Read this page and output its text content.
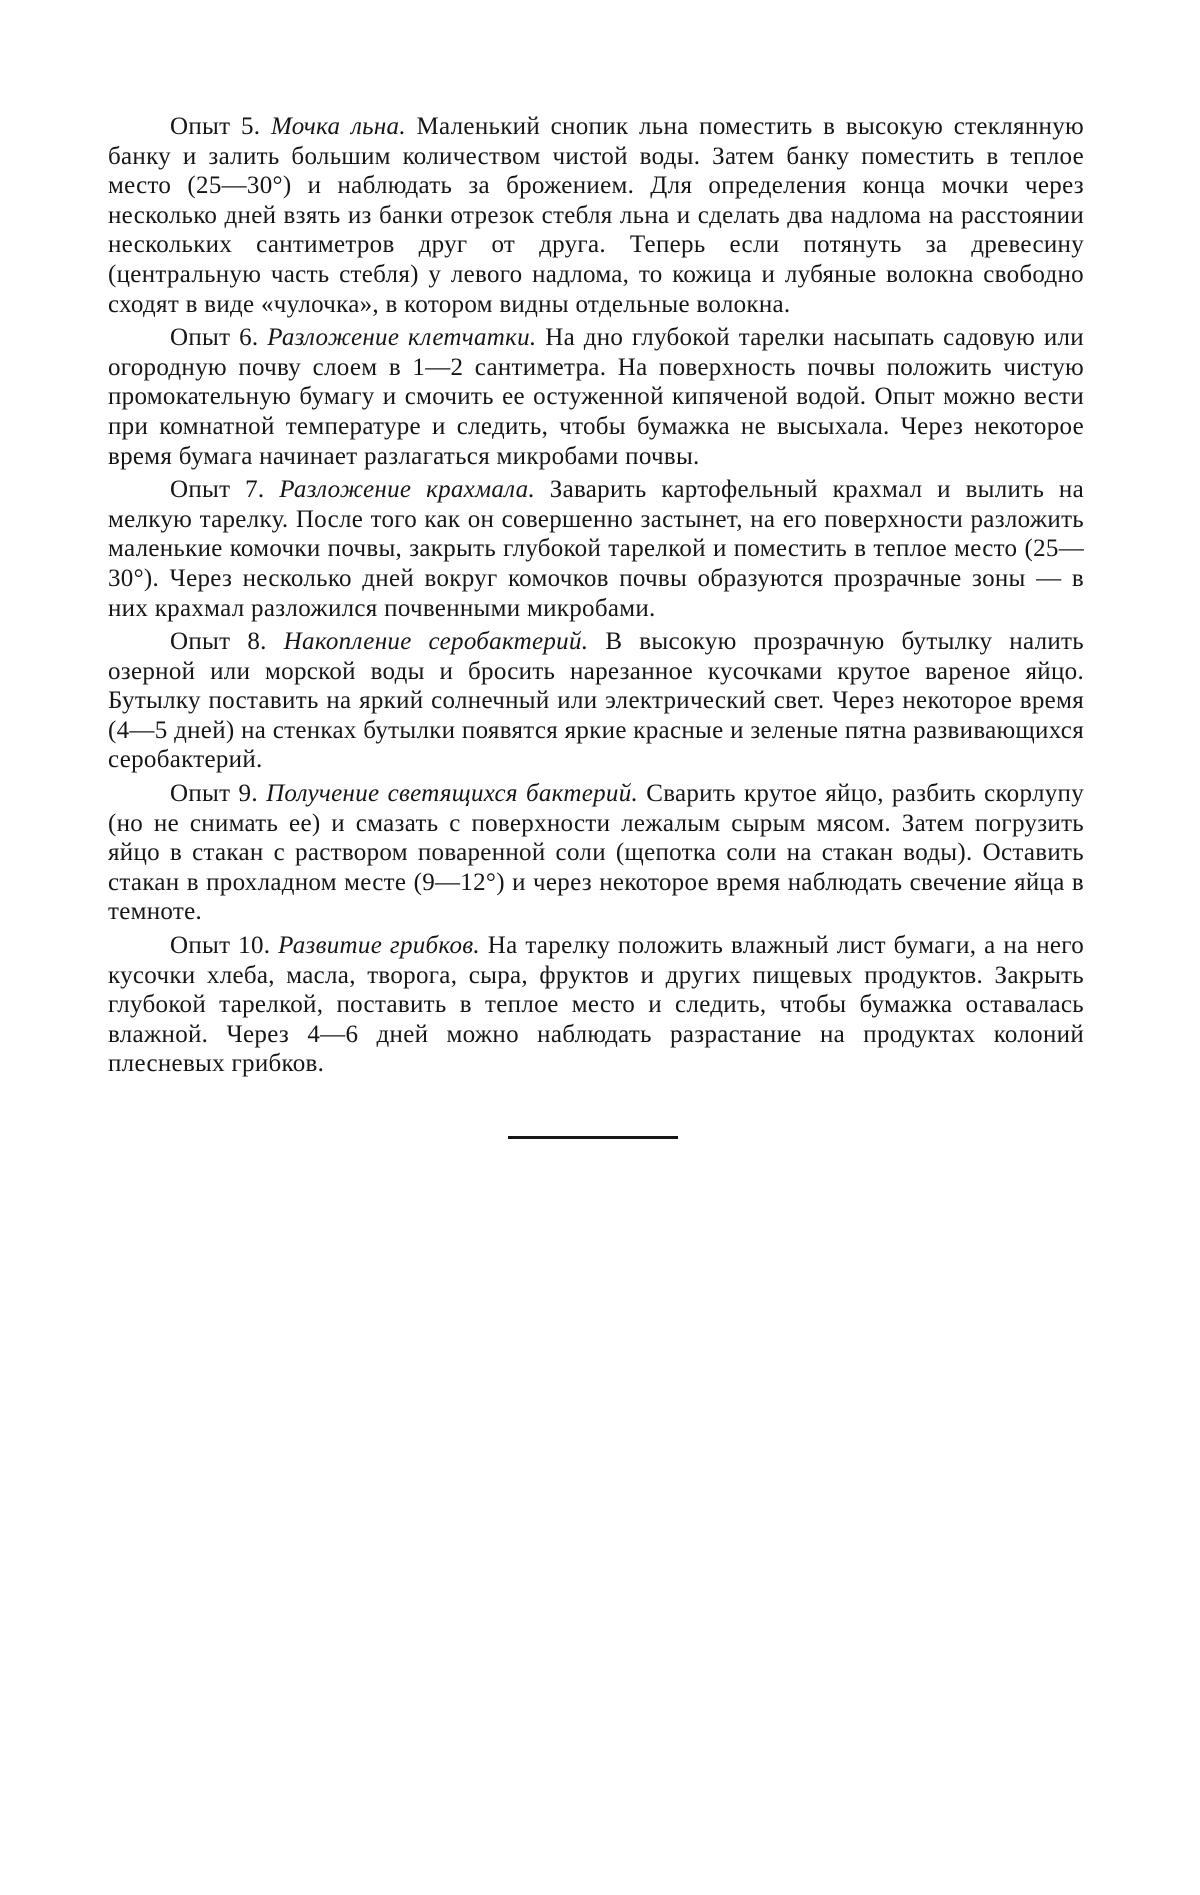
Опыт 5. Мочка льна. Маленький снопик льна поместить в высокую стеклянную банку и залить большим количеством чистой воды. Затем банку поместить в теплое место (25—30°) и наблюдать за брожением. Для определения конца мочки через несколько дней взять из банки отрезок стебля льна и сделать два надлома на расстоянии нескольких сантиметров друг от друга. Теперь если потянуть за древесину (центральную часть стебля) у левого надлома, то кожица и лубяные волокна свободно сходят в виде «чулочка», в котором видны отдельные волокна.

Опыт 6. Разложение клетчатки. На дно глубокой тарелки насыпать садовую или огородную почву слоем в 1—2 сантиметра. На поверхность почвы положить чистую промокательную бумагу и смочить ее остуженной кипяченой водой. Опыт можно вести при комнатной температуре и следить, чтобы бумажка не высыхала. Через некоторое время бумага начинает разлагаться микробами почвы.

Опыт 7. Разложение крахмала. Заварить картофельный крахмал и вылить на мелкую тарелку. После того как он совершенно застынет, на его поверхности разложить маленькие комочки почвы, закрыть глубокой тарелкой и поместить в теплое место (25—30°). Через несколько дней вокруг комочков почвы образуются прозрачные зоны — в них крахмал разложился почвенными микробами.

Опыт 8. Накопление серобактерий. В высокую прозрачную бутылку налить озерной или морской воды и бросить нарезанное кусочками крутое вареное яйцо. Бутылку поставить на яркий солнечный или электрический свет. Через некоторое время (4—5 дней) на стенках бутылки появятся яркие красные и зеленые пятна развивающихся серобактерий.

Опыт 9. Получение светящихся бактерий. Сварить крутое яйцо, разбить скорлупу (но не снимать ее) и смазать с поверхности лежалым сырым мясом. Затем погрузить яйцо в стакан с раствором поваренной соли (щепотка соли на стакан воды). Оставить стакан в прохладном месте (9—12°) и через некоторое время наблюдать свечение яйца в темноте.

Опыт 10. Развитие грибков. На тарелку положить влажный лист бумаги, а на него кусочки хлеба, масла, творога, сыра, фруктов и других пищевых продуктов. Закрыть глубокой тарелкой, поставить в теплое место и следить, чтобы бумажка оставалась влажной. Через 4—6 дней можно наблюдать разрастание на продуктах колоний плесневых грибков.
